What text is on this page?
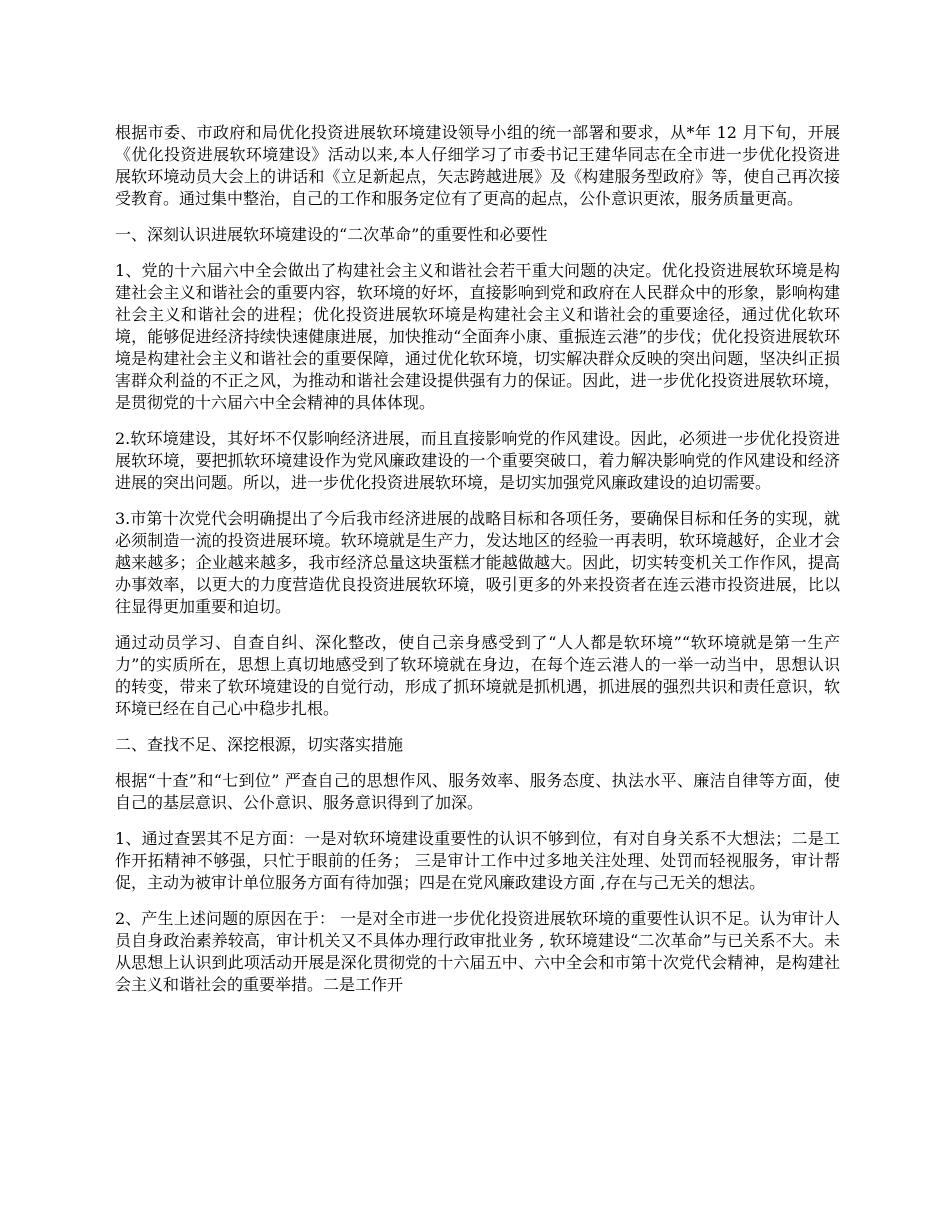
根据市委、市政府和局优化投资进展软环境建设领导小组的统一部署和要求，从*年 12 月下旬，开展《优化投资进展软环境建设》活动以来,本人仔细学习了市委书记王建华同志在全市进一步优化投资进展软环境动员大会上的讲话和《立足新起点，矢志跨越进展》及《构建服务型政府》等，使自己再次接受教育。通过集中整治，自己的工作和服务定位有了更高的起点，公仆意识更浓，服务质量更高。

一、深刻认识进展软环境建设的“二次革命”的重要性和必要性

1、党的十六届六中全会做出了构建社会主义和谐社会若干重大问题的决定。优化投资进展软环境是构建社会主义和谐社会的重要内容，软环境的好坏，直接影响到党和政府在人民群众中的形象，影响构建社会主义和谐社会的进程；优化投资进展软环境是构建社会主义和谐社会的重要途径，通过优化软环境，能够促进经济持续快速健康进展，加快推动“全面奔小康、重振连云港”的步伐；优化投资进展软环境是构建社会主义和谐社会的重要保障，通过优化软环境，切实解决群众反映的突出问题，坚决纠正损害群众利益的不正之风，为推动和谐社会建设提供强有力的保证。因此，进一步优化投资进展软环境，是贯彻党的十六届六中全会精神的具体体现。

2.软环境建设，其好坏不仅影响经济进展，而且直接影响党的作风建设。因此，必须进一步优化投资进展软环境，要把抓软环境建设作为党风廉政建设的一个重要突破口，着力解决影响党的作风建设和经济进展的突出问题。所以，进一步优化投资进展软环境，是切实加强党风廉政建设的迫切需要。

3.市第十次党代会明确提出了今后我市经济进展的战略目标和各项任务，要确保目标和任务的实现，就必须制造一流的投资进展环境。软环境就是生产力，发达地区的经验一再表明，软环境越好，企业才会越来越多；企业越来越多，我市经济总量这块蛋糕才能越做越大。因此，切实转变机关工作作风，提高办事效率，以更大的力度营造优良投资进展软环境，吸引更多的外来投资者在连云港市投资进展，比以往显得更加重要和迫切。

通过动员学习、自查自纠、深化整改，使自己亲身感受到了“人人都是软环境”“软环境就是第一生产力”的实质所在，思想上真切地感受到了软环境就在身边，在每个连云港人的一举一动当中，思想认识的转变，带来了软环境建设的自觉行动，形成了抓环境就是抓机遇，抓进展的强烈共识和责任意识，软环境已经在自己心中稳步扎根。

二、查找不足、深挖根源，切实落实措施

根据“十查”和“七到位” 严查自己的思想作风、服务效率、服务态度、执法水平、廉洁自律等方面，使自己的基层意识、公仆意识、服务意识得到了加深。

1、通过查罢其不足方面：一是对软环境建设重要性的认识不够到位，有对自身关系不大想法；二是工作开拓精神不够强，只忙于眼前的任务； 三是审计工作中过多地关注处理、处罚而轻视服务，审计帮促，主动为被审计单位服务方面有待加强；四是在党风廉政建设方面 ,存在与己无关的想法。

2、产生上述问题的原因在于： 一是对全市进一步优化投资进展软环境的重要性认识不足。认为审计人员自身政治素养较高，审计机关又不具体办理行政审批业务 , 软环境建设“二次革命”与已关系不大。未从思想上认识到此项活动开展是深化贯彻党的十六届五中、六中全会和市第十次党代会精神，是构建社会主义和谐社会的重要举措。二是工作开
